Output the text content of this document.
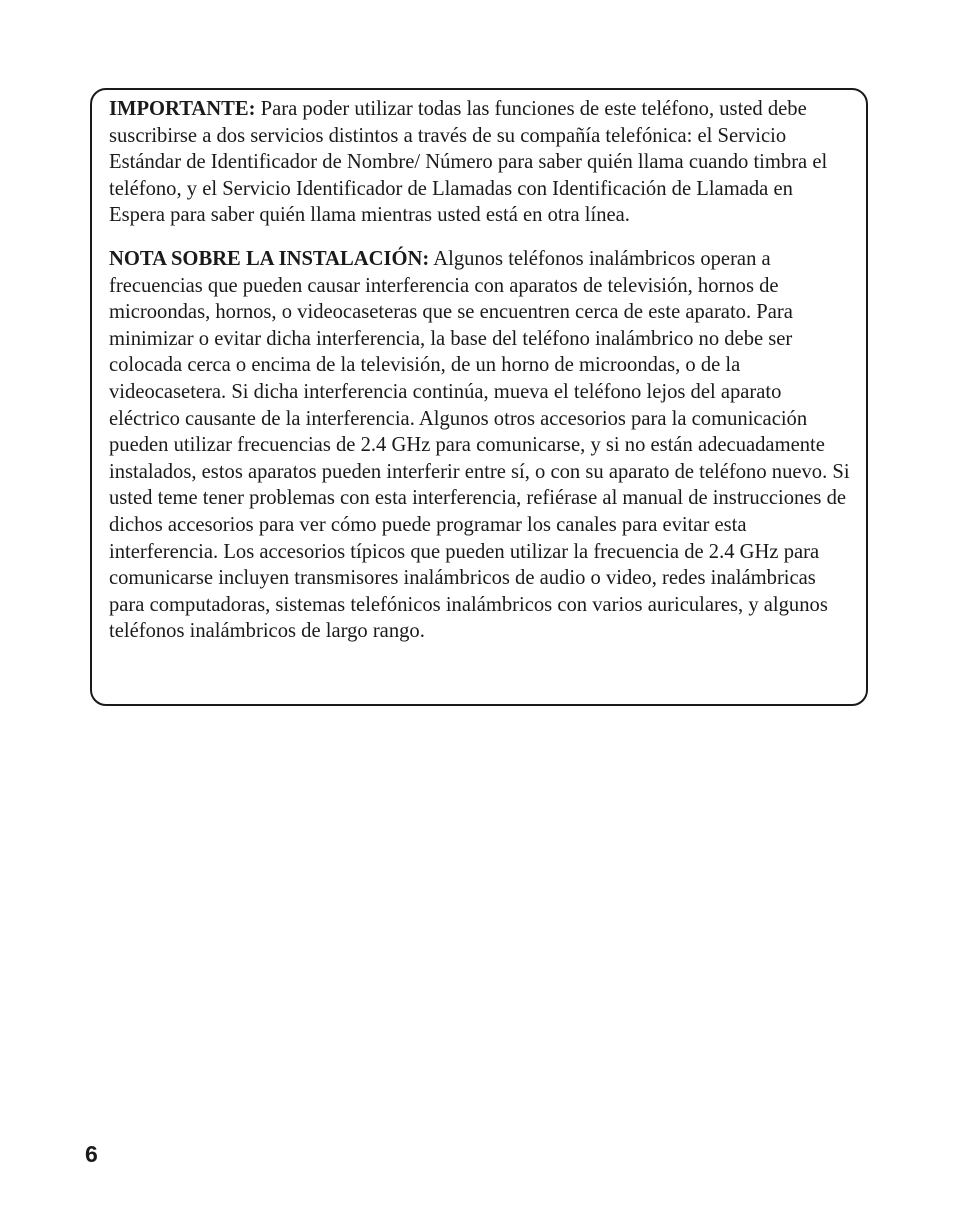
IMPORTANTE: Para poder utilizar todas las funciones de este teléfono, usted debe suscribirse a dos servicios distintos a través de su compañía telefónica: el Servicio Estándar de Identificador de Nombre/ Número para saber quién llama cuando timbra el teléfono, y el Servicio Identificador de Llamadas con Identificación de Llamada en Espera para saber quién llama mientras usted está en otra línea.

NOTA SOBRE LA INSTALACIÓN: Algunos teléfonos inalámbricos operan a frecuencias que pueden causar interferencia con aparatos de televisión, hornos de microondas, hornos, o videocaseteras que se encuentren cerca de este aparato. Para minimizar o evitar dicha interferencia, la base del teléfono inalámbrico no debe ser colocada cerca o encima de la televisión, de un horno de microondas, o de la videocasetera. Si dicha interferencia continúa, mueva el teléfono lejos del aparato eléctrico causante de la interferencia. Algunos otros accesorios para la comunicación pueden utilizar frecuencias de 2.4 GHz para comunicarse, y si no están adecuadamente instalados, estos aparatos pueden interferir entre sí, o con su aparato de teléfono nuevo. Si usted teme tener problemas con esta interferencia, refiérase al manual de instrucciones de dichos accesorios para ver cómo puede programar los canales para evitar esta interferencia. Los accesorios típicos que pueden utilizar la frecuencia de 2.4 GHz para comunicarse incluyen transmisores inalámbricos de audio o video, redes inalámbricas para computadoras, sistemas telefónicos inalámbricos con varios auriculares, y algunos teléfonos inalámbricos de largo rango.

6
